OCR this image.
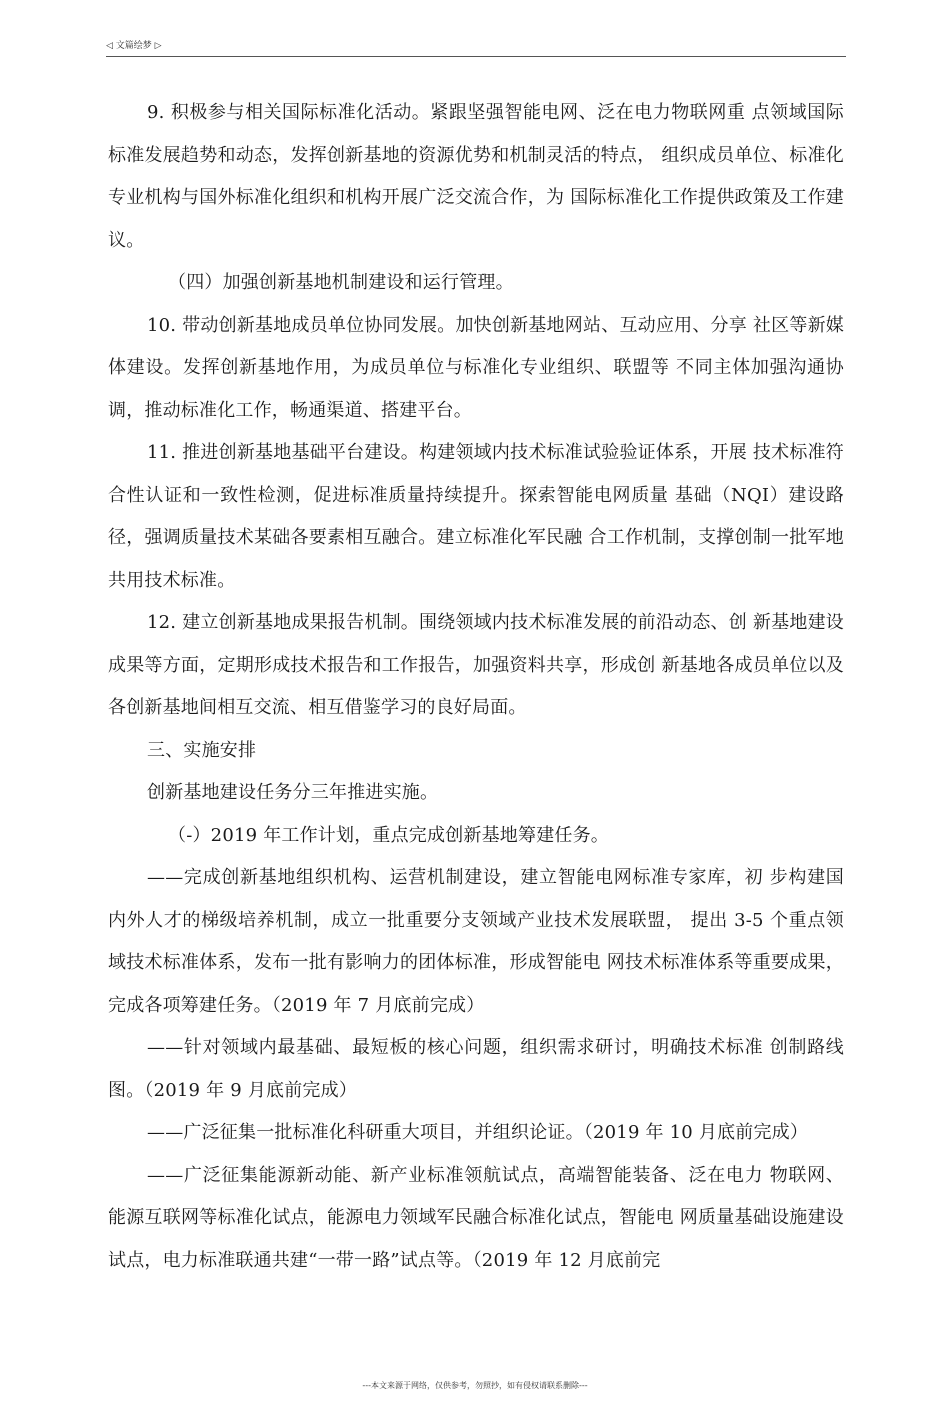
◁ 文篇绘梦 ▷

9. 积极参与相关国际标准化活动。紧跟坚强智能电网、泛在电力物联网重 点领域国际标准发展趋势和动态，发挥创新基地的资源优势和机制灵活的特点， 组织成员单位、标准化专业机构与国外标准化组织和机构开展广泛交流合作，为 国际标准化工作提供政策及工作建议。

（四）加强创新基地机制建设和运行管理。

10. 带动创新基地成员单位协同发展。加快创新基地网站、互动应用、分享 社区等新媒体建设。发挥创新基地作用，为成员单位与标准化专业组织、联盟等 不同主体加强沟通协调，推动标准化工作，畅通渠道、搭建平台。

11. 推进创新基地基础平台建设。构建领域内技术标准试验验证体系，开展 技术标准符合性认证和一致性检测，促进标准质量持续提升。探索智能电网质量 基础（NQI）建设路径，强调质量技术某础各要素相互融合。建立标准化军民融 合工作机制，支撑创制一批军地共用技术标准。

12. 建立创新基地成果报告机制。围绕领域内技术标准发展的前沿动态、创 新基地建设成果等方面，定期形成技术报告和工作报告，加强资料共享，形成创 新基地各成员单位以及各创新基地间相互交流、相互借鉴学习的良好局面。

三、实施安排

创新基地建设任务分三年推进实施。

（-）2019 年工作计划，重点完成创新基地筹建任务。

——完成创新基地组织机构、运营机制建设，建立智能电网标准专家库，初 步构建国内外人才的梯级培养机制，成立一批重要分支领域产业技术发展联盟， 提出 3-5 个重点领域技术标准体系，发布一批有影响力的团体标准，形成智能电 网技术标准体系等重要成果，完成各项筹建任务。（2019 年 7 月底前完成）

——针对领域内最基础、最短板的核心问题，组织需求研讨，明确技术标准 创制路线图。（2019 年 9 月底前完成）

——广泛征集一批标准化科研重大项目，并组织论证。（2019 年 10 月底前完成）

——广泛征集能源新动能、新产业标准领航试点，高端智能装备、泛在电力 物联网、能源互联网等标准化试点，能源电力领域军民融合标准化试点，智能电 网质量基础设施建设试点，电力标准联通共建“一带一路”试点等。（2019 年 12 月底前完

---本文来源于网络，仅供参考，勿照抄，如有侵权请联系删除---
